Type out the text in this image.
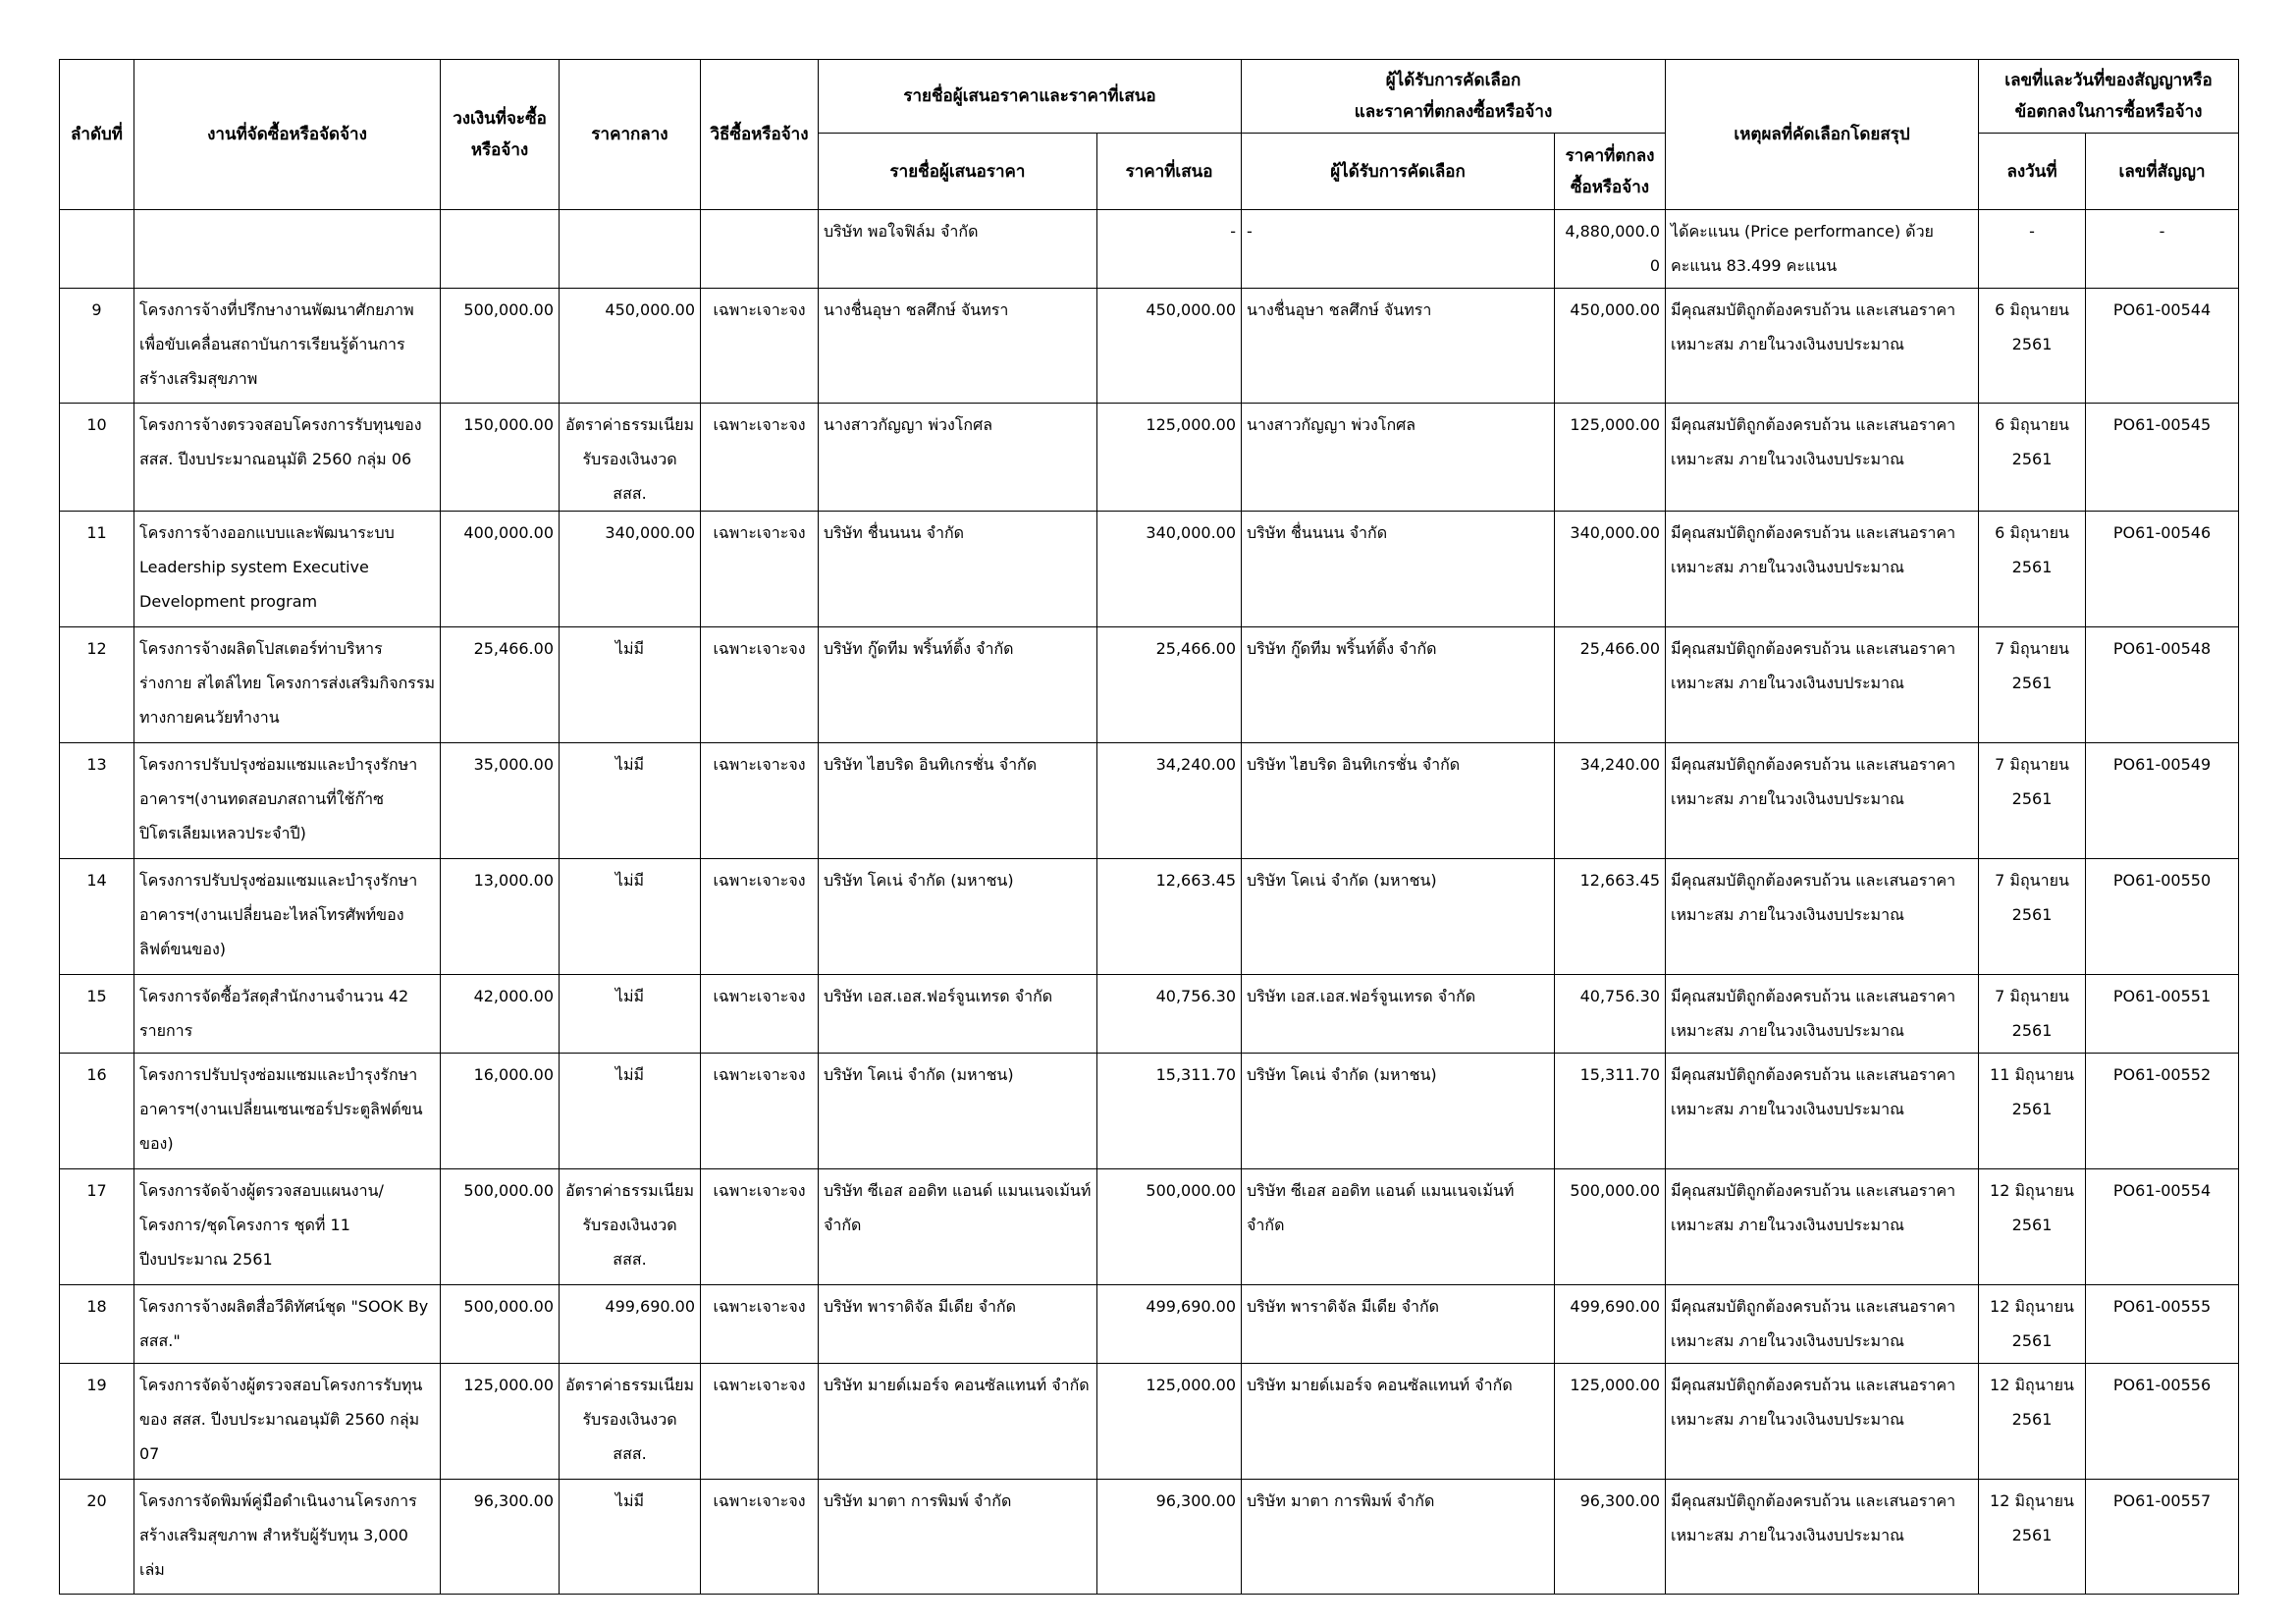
ลำดับที่	งานที่จัดซื้อหรือจัดจ้าง	วงเงินที่จะซื้อ
หรือจ้าง	ราคากลาง	วิธีซื้อหรือจ้าง	รายชื่อผู้เสนอราคาและราคาที่เสนอ		ผู้ได้รับการคัดเลือก
และราคาที่ตกลงซื้อหรือจ้าง		เหตุผลที่คัดเลือกโดยสรุป	เลขที่และวันที่ของสัญญาหรือ
ข้อตกลงในการซื้อหรือจ้าง	

					รายชื่อผู้เสนอราคา	ราคาที่เสนอ	ผู้ได้รับการคัดเลือก	ราคาที่ตกลง
ซื้อหรือจ้าง		ลงวันที่	เลขที่สัญญา
					บริษัท พอใจฟิล์ม จำกัด	-	-	4,880,000.00	ได้คะแนน (Price performance) ด้วย คะแนน 83.499 คะแนน	-	-
9	โครงการจ้างที่ปรึกษางานพัฒนาศักยภาพเพื่อขับเคลื่อนสถาบันการเรียนรู้ด้านการสร้างเสริมสุขภาพ	500,000.00	450,000.00	เฉพาะเจาะจง	นางชื่นอุษา ชลศึกษ์ จันทรา	450,000.00	นางชื่นอุษา ชลศึกษ์ จันทรา	450,000.00	มีคุณสมบัติถูกต้องครบถ้วน และเสนอราคาเหมาะสม ภายในวงเงินงบประมาณ	6 มิถุนายน 2561	PO61-00544
10	โครงการจ้างตรวจสอบโครงการรับทุนของ สสส. ปีงบประมาณอนุมัติ 2560 กลุ่ม 06	150,000.00	อัตราค่าธรรมเนียมรับรองเงินงวด สสส.	เฉพาะเจาะจง	นางสาวกัญญา พ่วงโกศล	125,000.00	นางสาวกัญญา พ่วงโกศล	125,000.00	มีคุณสมบัติถูกต้องครบถ้วน และเสนอราคาเหมาะสม ภายในวงเงินงบประมาณ	6 มิถุนายน 2561	PO61-00545
11	โครงการจ้างออกแบบและพัฒนาระบบ Leadership system Executive Development program	400,000.00	340,000.00	เฉพาะเจาะจง	บริษัท ชื่นนนน จำกัด	340,000.00	บริษัท ชื่นนนน จำกัด	340,000.00	มีคุณสมบัติถูกต้องครบถ้วน และเสนอราคาเหมาะสม ภายในวงเงินงบประมาณ	6 มิถุนายน 2561	PO61-00546
12	โครงการจ้างผลิตโปสเตอร์ท่าบริหารร่างกาย สไตล์ไทย โครงการส่งเสริมกิจกรรมทางกายคนวัยทำงาน	25,466.00	ไม่มี	เฉพาะเจาะจง	บริษัท กู๊ดทีม พริ้นท์ติ้ง จำกัด	25,466.00	บริษัท กู๊ดทีม พริ้นท์ติ้ง จำกัด	25,466.00	มีคุณสมบัติถูกต้องครบถ้วน และเสนอราคาเหมาะสม ภายในวงเงินงบประมาณ	7 มิถุนายน 2561	PO61-00548
13	โครงการปรับปรุงซ่อมแซมและบำรุงรักษาอาคารฯ(งานทดสอบภสถานที่ใช้ก๊าซปิโตรเลียมเหลวประจำปี)	35,000.00	ไม่มี	เฉพาะเจาะจง	บริษัท ไฮบริด อินทิเกรชั่น จำกัด	34,240.00	บริษัท ไฮบริด อินทิเกรชั่น จำกัด	34,240.00	มีคุณสมบัติถูกต้องครบถ้วน และเสนอราคาเหมาะสม ภายในวงเงินงบประมาณ	7 มิถุนายน 2561	PO61-00549
14	โครงการปรับปรุงซ่อมแซมและบำรุงรักษาอาคารฯ(งานเปลี่ยนอะไหล่โทรศัพท์ของลิฟต์ขนของ)	13,000.00	ไม่มี	เฉพาะเจาะจง	บริษัท โคเน่ จำกัด (มหาชน)	12,663.45	บริษัท โคเน่ จำกัด (มหาชน)	12,663.45	มีคุณสมบัติถูกต้องครบถ้วน และเสนอราคาเหมาะสม ภายในวงเงินงบประมาณ	7 มิถุนายน 2561	PO61-00550
15	โครงการจัดซื้อวัสดุสำนักงานจำนวน 42 รายการ	42,000.00	ไม่มี	เฉพาะเจาะจง	บริษัท เอส.เอส.ฟอร์จูนเทรด จำกัด	40,756.30	บริษัท เอส.เอส.ฟอร์จูนเทรด จำกัด	40,756.30	มีคุณสมบัติถูกต้องครบถ้วน และเสนอราคาเหมาะสม ภายในวงเงินงบประมาณ	7 มิถุนายน 2561	PO61-00551
16	โครงการปรับปรุงซ่อมแซมและบำรุงรักษาอาคารฯ(งานเปลี่ยนเซนเซอร์ประตูลิฟต์ขนของ)	16,000.00	ไม่มี	เฉพาะเจาะจง	บริษัท โคเน่ จำกัด (มหาชน)	15,311.70	บริษัท โคเน่ จำกัด (มหาชน)	15,311.70	มีคุณสมบัติถูกต้องครบถ้วน และเสนอราคาเหมาะสม ภายในวงเงินงบประมาณ	11 มิถุนายน 2561	PO61-00552
17	โครงการจัดจ้างผู้ตรวจสอบแผนงาน/โครงการ/ชุดโครงการ ชุดที่ 11 ปีงบประมาณ 2561	500,000.00	อัตราค่าธรรมเนียมรับรองเงินงวด สสส.	เฉพาะเจาะจง	บริษัท ซีเอส ออดิท แอนด์ แมนเนจเม้นท์ จำกัด	500,000.00	บริษัท ซีเอส ออดิท แอนด์ แมนเนจเม้นท์ จำกัด	500,000.00	มีคุณสมบัติถูกต้องครบถ้วน และเสนอราคาเหมาะสม ภายในวงเงินงบประมาณ	12 มิถุนายน 2561	PO61-00554
18	โครงการจ้างผลิตสื่อวีดิทัศน์ชุด "SOOK By สสส."	500,000.00	499,690.00	เฉพาะเจาะจง	บริษัท พาราดิจัล มีเดีย จำกัด	499,690.00	บริษัท พาราดิจัล มีเดีย จำกัด	499,690.00	มีคุณสมบัติถูกต้องครบถ้วน และเสนอราคาเหมาะสม ภายในวงเงินงบประมาณ	12 มิถุนายน 2561	PO61-00555
19	โครงการจัดจ้างผู้ตรวจสอบโครงการรับทุนของ สสส. ปีงบประมาณอนุมัติ 2560 กลุ่ม 07	125,000.00	อัตราค่าธรรมเนียมรับรองเงินงวด สสส.	เฉพาะเจาะจง	บริษัท มายด์เมอร์จ คอนซัลแทนท์ จำกัด	125,000.00	บริษัท มายด์เมอร์จ คอนซัลแทนท์ จำกัด	125,000.00	มีคุณสมบัติถูกต้องครบถ้วน และเสนอราคาเหมาะสม ภายในวงเงินงบประมาณ	12 มิถุนายน 2561	PO61-00556
20	โครงการจัดพิมพ์คู่มือดำเนินงานโครงการสร้างเสริมสุขภาพ สำหรับผู้รับทุน 3,000 เล่ม	96,300.00	ไม่มี	เฉพาะเจาะจง	บริษัท มาตา การพิมพ์ จำกัด	96,300.00	บริษัท มาตา การพิมพ์ จำกัด	96,300.00	มีคุณสมบัติถูกต้องครบถ้วน และเสนอราคาเหมาะสม ภายในวงเงินงบประมาณ	12 มิถุนายน 2561	PO61-00557
